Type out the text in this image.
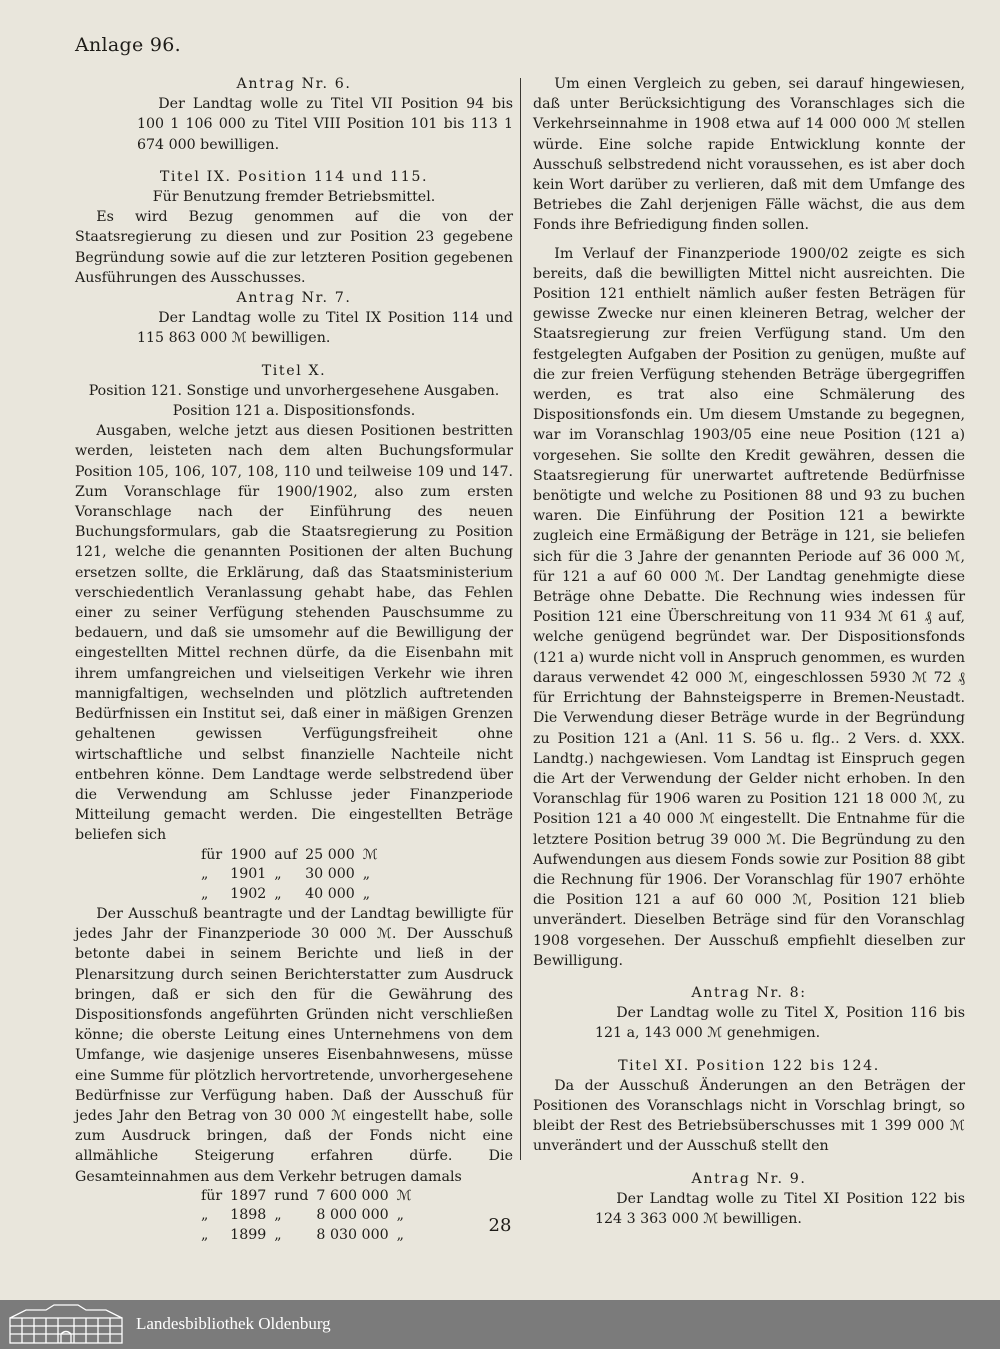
Anlage 96.

Antrag Nr. 6.

Der Landtag wolle zu Titel VII Position 94 bis 100 1 106 000 zu Titel VIII Position 101 bis 113 1 674 000 bewilligen.

Titel IX. Position 114 und 115.

Für Benutzung fremder Betriebsmittel.

Es wird Bezug genommen auf die von der Staatsregierung zu diesen und zur Position 23 gegebene Begründung sowie auf die zur letzteren Position gegebenen Ausführungen des Ausschusses.

Antrag Nr. 7.

Der Landtag wolle zu Titel IX Position 114 und 115 863 000 ℳ bewilligen.

Titel X.

Position 121. Sonstige und unvorhergesehene Ausgaben.

Position 121 a. Dispositionsfonds.

Ausgaben, welche jetzt aus diesen Positionen bestritten werden, leisteten nach dem alten Buchungsformular Position 105, 106, 107, 108, 110 und teilweise 109 und 147. Zum Voranschlage für 1900/1902, also zum ersten Voranschlage nach der Einführung des neuen Buchungsformulars, gab die Staatsregierung zu Position 121, welche die genannten Positionen der alten Buchung ersetzen sollte, die Erklärung, daß das Staatsministerium verschiedentlich Veranlassung gehabt habe, das Fehlen einer zu seiner Verfügung stehenden Pauschsumme zu bedauern, und daß sie umsomehr auf die Bewilligung der eingestellten Mittel rechnen dürfe, da die Eisenbahn mit ihrem umfangreichen und vielseitigen Verkehr wie ihren mannigfaltigen, wechselnden und plötzlich auftretenden Bedürfnissen ein Institut sei, daß einer in mäßigen Grenzen gehaltenen gewissen Verfügungsfreiheit ohne wirtschaftliche und selbst finanzielle Nachteile nicht entbehren könne. Dem Landtage werde selbstredend über die Verwendung am Schlusse jeder Finanzperiode Mitteilung gemacht werden. Die eingestellten Beträge beliefen sich

für	1900	auf	25 000	ℳ
„	1901	„	30 000	„
„	1902	„	40 000	„

Der Ausschuß beantragte und der Landtag bewilligte für jedes Jahr der Finanzperiode 30 000 ℳ. Der Ausschuß betonte dabei in seinem Berichte und ließ in der Plenarsitzung durch seinen Berichterstatter zum Ausdruck bringen, daß er sich den für die Gewährung des Dispositionsfonds angeführten Gründen nicht verschließen könne; die oberste Leitung eines Unternehmens von dem Umfange, wie dasjenige unseres Eisenbahnwesens, müsse eine Summe für plötzlich hervortretende, unvorhergesehene Bedürfnisse zur Verfügung haben. Daß der Ausschuß für jedes Jahr den Betrag von 30 000 ℳ eingestellt habe, solle zum Ausdruck bringen, daß der Fonds nicht eine allmähliche Steigerung erfahren dürfe. Die Gesamteinnahmen aus dem Verkehr betrugen damals

für	1897	rund	7 600 000	ℳ
„	1898	„	8 000 000	„
„	1899	„	8 030 000	„

Um einen Vergleich zu geben, sei darauf hingewiesen, daß unter Berücksichtigung des Voranschlages sich die Verkehrseinnahme in 1908 etwa auf 14 000 000 ℳ stellen würde. Eine solche rapide Entwicklung konnte der Ausschuß selbstredend nicht voraussehen, es ist aber doch kein Wort darüber zu verlieren, daß mit dem Umfange des Betriebes die Zahl derjenigen Fälle wächst, die aus dem Fonds ihre Befriedigung finden sollen.

Im Verlauf der Finanzperiode 1900/02 zeigte es sich bereits, daß die bewilligten Mittel nicht ausreichten. Die Position 121 enthielt nämlich außer festen Beträgen für gewisse Zwecke nur einen kleineren Betrag, welcher der Staatsregierung zur freien Verfügung stand. Um den festgelegten Aufgaben der Position zu genügen, mußte auf die zur freien Verfügung stehenden Beträge übergegriffen werden, es trat also eine Schmälerung des Dispositionsfonds ein. Um diesem Umstande zu begegnen, war im Voranschlag 1903/05 eine neue Position (121 a) vorgesehen. Sie sollte den Kredit gewähren, dessen die Staatsregierung für unerwartet auftretende Bedürfnisse benötigte und welche zu Positionen 88 und 93 zu buchen waren. Die Einführung der Position 121 a bewirkte zugleich eine Ermäßigung der Beträge in 121, sie beliefen sich für die 3 Jahre der genannten Periode auf 36 000 ℳ, für 121 a auf 60 000 ℳ. Der Landtag genehmigte diese Beträge ohne Debatte. Die Rechnung wies indessen für Position 121 eine Überschreitung von 11 934 ℳ 61 ₰ auf, welche genügend begründet war. Der Dispositionsfonds (121 a) wurde nicht voll in Anspruch genommen, es wurden daraus verwendet 42 000 ℳ, eingeschlossen 5930 ℳ 72 ₰ für Errichtung der Bahnsteigsperre in Bremen-Neustadt. Die Verwendung dieser Beträge wurde in der Begründung zu Position 121 a (Anl. 11 S. 56 u. flg.. 2 Vers. d. XXX. Landtg.) nachgewiesen. Vom Landtag ist Einspruch gegen die Art der Verwendung der Gelder nicht erhoben. In den Voranschlag für 1906 waren zu Position 121 18 000 ℳ, zu Position 121 a 40 000 ℳ eingestellt. Die Entnahme für die letztere Position betrug 39 000 ℳ. Die Begründung zu den Aufwendungen aus diesem Fonds sowie zur Position 88 gibt die Rechnung für 1906. Der Voranschlag für 1907 erhöhte die Position 121 a auf 60 000 ℳ, Position 121 blieb unverändert. Dieselben Beträge sind für den Voranschlag 1908 vorgesehen. Der Ausschuß empfiehlt dieselben zur Bewilligung.

Antrag Nr. 8:

Der Landtag wolle zu Titel X, Position 116 bis 121 a, 143 000 ℳ genehmigen.

Titel XI. Position 122 bis 124.

Da der Ausschuß Änderungen an den Beträgen der Positionen des Voranschlags nicht in Vorschlag bringt, so bleibt der Rest des Betriebsüberschusses mit 1 399 000 ℳ unverändert und der Ausschuß stellt den

Antrag Nr. 9.

Der Landtag wolle zu Titel XI Position 122 bis 124 3 363 000 ℳ bewilligen.

28
Landesbibliothek Oldenburg
